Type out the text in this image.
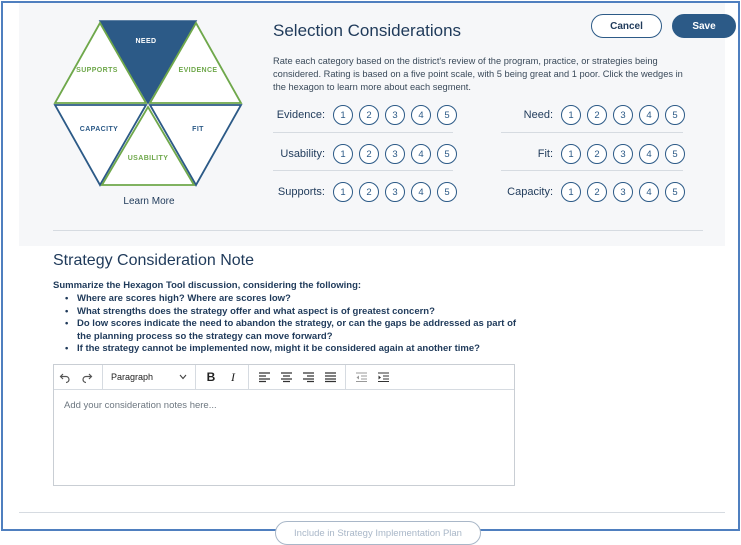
NEED
SUPPORTS	EVIDENCE
CAPACITY	FIT
USABILITY
Learn More
Selection Considerations	Cancel	Save
Rate each category based on the district's review of the program, practice, or strategies being considered. Rating is based on a five point scale, with 5 being great and 1 poor. Click the wedges in the hexagon to learn more about each segment.
Evidence:	1	2	3	4	5
Usability:	1	2	3	4	5
Supports:	1	2	3	4	5
Need:	1	2	3	4	5
Fit:	1	2	3	4	5
Capacity:	1	2	3	4	5
Strategy Consideration Note
Summarize the Hexagon Tool discussion, considering the following:
• Where are scores high? Where are scores low?
• What strengths does the strategy offer and what aspect is of greatest concern?
• Do low scores indicate the need to abandon the strategy, or can the gaps be addressed as part of the planning process so the strategy can move forward?
• If the strategy cannot be implemented now, might it be considered again at another time?
Paragraph	B	I
Add your consideration notes here...
Include in Strategy Implementation Plan
